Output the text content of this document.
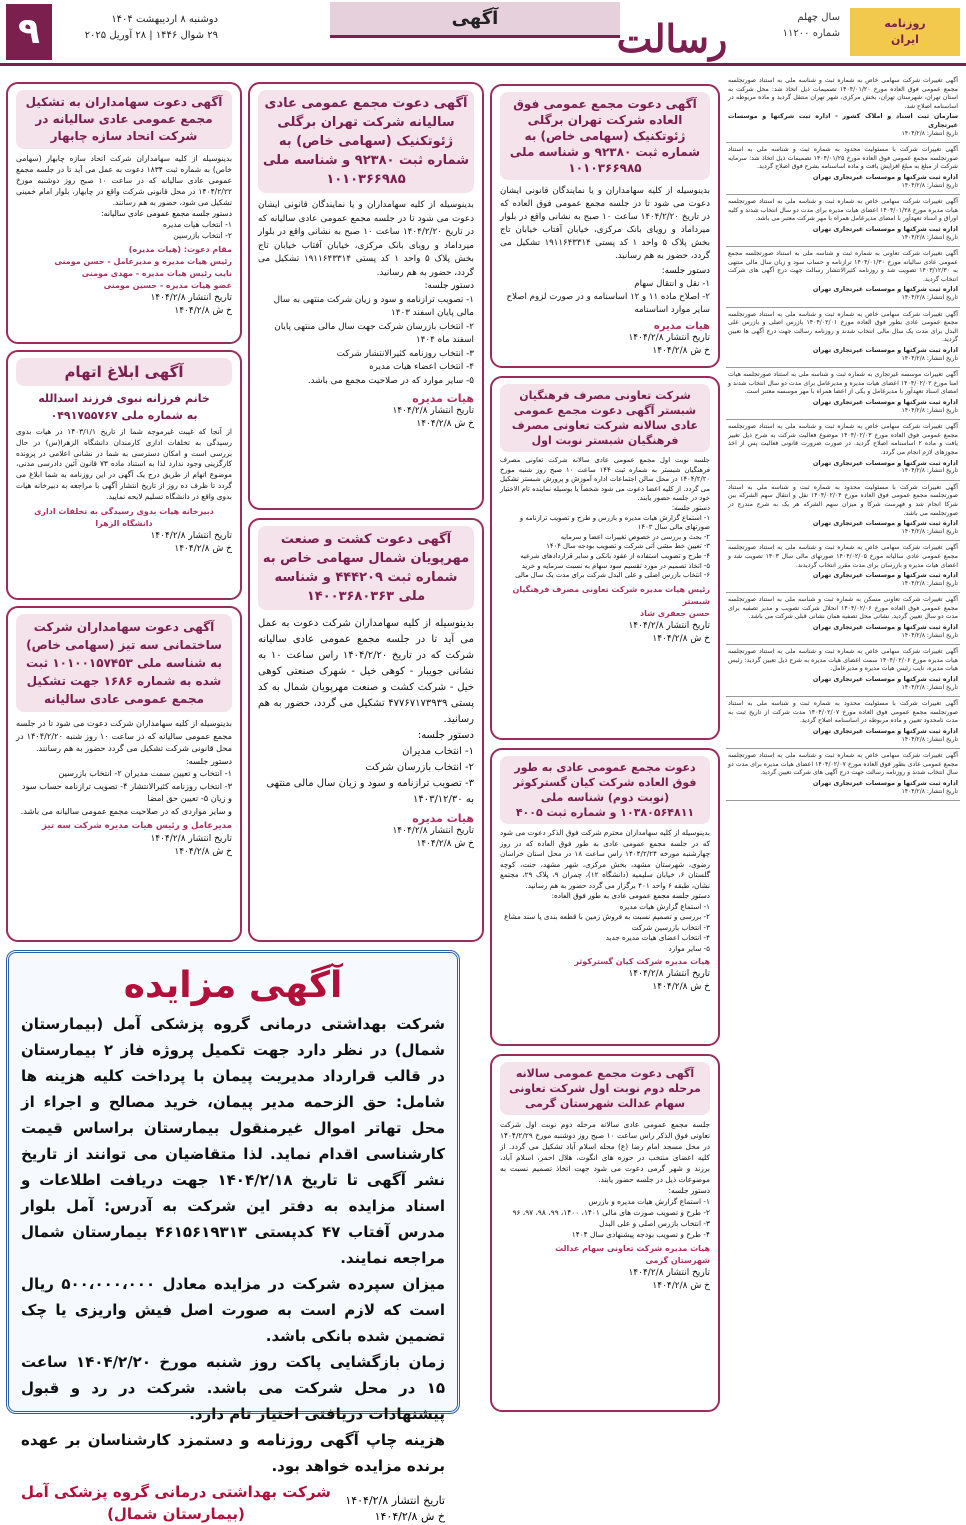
۹	دوشنبه ۸ اردیبهشت ۱۴۰۴
۲۹ شوال ۱۴۴۶ | ۲۸ آوریل ۲۰۲۵
آگهی	رسالت	سال چهلم
شماره ۱۱۲۰۰
روزنامه
ایران
آگهی تغییرات شرکت سهامی خاص به شماره ثبت و شناسه ملی به استناد صورتجلسه مجمع عمومی فوق العاده مورخ ۱۴۰۴/۰۱/۲۰ تصمیمات ذیل اتخاذ شد: محل شرکت به استان تهران، شهرستان تهران، بخش مرکزی، شهر تهران منتقل گردید و ماده مربوطه در اساسنامه اصلاح شد.
سازمان ثبت اسناد و املاک کشور - اداره ثبت شرکتها و موسسات غیرتجاری
تاریخ انتشار: ۱۴۰۴/۲/۸
آگهی تغییرات شرکت با مسئولیت محدود به شماره ثبت و شناسه ملی به استناد صورتجلسه مجمع عمومی فوق العاده مورخ ۱۴۰۴/۰۱/۲۵ تصمیمات ذیل اتخاذ شد: سرمایه شرکت از مبلغ به مبلغ افزایش یافت و ماده اساسنامه بشرح فوق اصلاح گردید.
اداره ثبت شرکتها و موسسات غیرتجاری تهران
تاریخ انتشار: ۱۴۰۴/۲/۸
آگهی تغییرات شرکت سهامی خاص به شماره ثبت و شناسه ملی به استناد صورتجلسه هیات مدیره مورخ ۱۴۰۴/۰۱/۲۸ اعضای هیات مدیره برای مدت دو سال انتخاب شدند و کلیه اوراق و اسناد تعهدآور با امضای مدیرعامل همراه با مهر شرکت معتبر می باشد.
اداره ثبت شرکتها و موسسات غیرتجاری تهران
تاریخ انتشار: ۱۴۰۴/۲/۸
آگهی تغییرات شرکت تعاونی به شماره ثبت و شناسه ملی به استناد صورتجلسه مجمع عمومی عادی سالیانه مورخ ۱۴۰۴/۰۱/۳۰ ترازنامه و حساب سود و زیان سال مالی منتهی به ۱۴۰۳/۱۲/۳۰ تصویب شد و روزنامه کثیرالانتشار رسالت جهت درج آگهی های شرکت انتخاب گردید.
اداره ثبت شرکتها و موسسات غیرتجاری تهران
تاریخ انتشار: ۱۴۰۴/۲/۸
آگهی تغییرات شرکت سهامی خاص به شماره ثبت و شناسه ملی به استناد صورتجلسه مجمع عمومی عادی بطور فوق العاده مورخ ۱۴۰۴/۰۲/۰۱ بازرس اصلی و بازرس علی البدل برای مدت یک سال مالی انتخاب شدند و روزنامه رسالت جهت درج آگهی ها تعیین گردید.
اداره ثبت شرکتها و موسسات غیرتجاری تهران
تاریخ انتشار: ۱۴۰۴/۲/۸
آگهی تغییرات موسسه غیرتجاری به شماره ثبت و شناسه ملی به استناد صورتجلسه هیات امنا مورخ ۱۴۰۴/۰۲/۰۲ اعضای هیات مدیره و مدیرعامل برای مدت دو سال انتخاب شدند و امضای اسناد تعهدآور با مدیرعامل و یکی از اعضا همراه با مهر موسسه معتبر است.
اداره ثبت شرکتها و موسسات غیرتجاری تهران
تاریخ انتشار: ۱۴۰۴/۲/۸
آگهی تغییرات شرکت سهامی خاص به شماره ثبت و شناسه ملی به استناد صورتجلسه مجمع عمومی فوق العاده مورخ ۱۴۰۴/۰۲/۰۳ موضوع فعالیت شرکت به شرح ذیل تغییر یافت و ماده ۲ اساسنامه اصلاح گردید. در صورت ضرورت قانونی فعالیت پس از اخذ مجوزهای لازم انجام می گردد.
اداره ثبت شرکتها و موسسات غیرتجاری تهران
تاریخ انتشار: ۱۴۰۴/۲/۸
آگهی تغییرات شرکت با مسئولیت محدود به شماره ثبت و شناسه ملی به استناد صورتجلسه مجمع عمومی فوق العاده مورخ ۱۴۰۴/۰۲/۰۴ نقل و انتقال سهم الشرکه بین شرکا انجام شد و فهرست شرکا و میزان سهم الشرکه هر یک به شرح مندرج در صورتجلسه می باشد.
اداره ثبت شرکتها و موسسات غیرتجاری تهران
تاریخ انتشار: ۱۴۰۴/۲/۸
آگهی تغییرات شرکت سهامی خاص به شماره ثبت و شناسه ملی به استناد صورتجلسه مجمع عمومی عادی سالیانه مورخ ۱۴۰۴/۰۲/۰۵ صورتهای مالی سال ۱۴۰۳ تصویب شد و اعضای هیات مدیره و بازرسان برای مدت مقرر انتخاب گردیدند.
اداره ثبت شرکتها و موسسات غیرتجاری تهران
تاریخ انتشار: ۱۴۰۴/۲/۸
آگهی تغییرات شرکت تعاونی مسکن به شماره ثبت و شناسه ملی به استناد صورتجلسه مجمع عمومی فوق العاده مورخ ۱۴۰۴/۰۲/۰۶ انحلال شرکت تصویب و مدیر تصفیه برای مدت دو سال تعیین گردید. نشانی محل تصفیه همان نشانی قبلی شرکت می باشد.
اداره ثبت شرکتها و موسسات غیرتجاری تهران
تاریخ انتشار: ۱۴۰۴/۲/۸
آگهی تغییرات شرکت سهامی خاص به شماره ثبت و شناسه ملی به استناد صورتجلسه هیات مدیره مورخ ۱۴۰۴/۰۲/۰۶ سمت اعضای هیات مدیره به شرح ذیل تعیین گردید: رئیس هیات مدیره، نایب رئیس هیات مدیره و مدیرعامل.
اداره ثبت شرکتها و موسسات غیرتجاری تهران
تاریخ انتشار: ۱۴۰۴/۲/۸
آگهی تغییرات شرکت با مسئولیت محدود به شماره ثبت و شناسه ملی به استناد صورتجلسه مجمع عمومی فوق العاده مورخ ۱۴۰۴/۰۲/۰۷ مدت شرکت از تاریخ ثبت به مدت نامحدود تعیین و ماده مربوطه در اساسنامه اصلاح گردید.
اداره ثبت شرکتها و موسسات غیرتجاری تهران
تاریخ انتشار: ۱۴۰۴/۲/۸
آگهی تغییرات شرکت سهامی خاص به شماره ثبت و شناسه ملی به استناد صورتجلسه مجمع عمومی عادی بطور فوق العاده مورخ ۱۴۰۴/۰۲/۰۷ اعضای هیات مدیره برای مدت دو سال انتخاب شدند و روزنامه رسالت جهت درج آگهی های شرکت تعیین گردید.
اداره ثبت شرکتها و موسسات غیرتجاری تهران
تاریخ انتشار: ۱۴۰۴/۲/۸
آگهی دعوت مجمع عمومی فوق العاده شرکت تهران برگلی ژئوتکنیک (سهامی خاص) به شماره ثبت ۹۲۳۸۰ و شناسه ملی ۱۰۱۰۳۶۶۹۸۵

بدینوسیله از کلیه سهامداران و یا نمایندگان قانونی ایشان دعوت می شود تا در جلسه مجمع عمومی فوق العاده که در تاریخ ۱۴۰۴/۲/۲۰ ساعت ۱۰ صبح به نشانی واقع در بلوار میرداماد و رویای بانک مرکزی، خیابان آفتاب خیابان تاج بخش پلاک ۵ واحد ۱ کد پستی ۱۹۱۱۶۴۳۳۱۴ تشکیل می گردد، حضور به هم رسانید.

دستور جلسه:
۱- نقل و انتقال سهام
۲- اصلاح ماده ۱۱ و ۱۲ اساسنامه و در صورت لزوم اصلاح سایر موارد اساسنامه
هیات مدیره
تاریخ انتشار ۱۴۰۴/۲/۸
خ ش ۱۴۰۴/۲/۸
شرکت تعاونی مصرف فرهنگیان شبستر آگهی دعوت مجمع عمومی عادی سالانه شرکت تعاونی مصرف فرهنگیان شبستر نوبت اول

جلسه نوبت اول مجمع عمومی عادی سالانه شرکت تعاونی مصرف فرهنگیان شبستر به شماره ثبت ۱۴۴ ساعت ۱۰ صبح روز شنبه مورخ ۱۴۰۴/۲/۲۰ در محل سالن اجتماعات اداره آموزش و پرورش شبستر تشکیل می گردد. از کلیه اعضا دعوت می شود شخصاً یا بوسیله نماینده تام الاختیار خود در جلسه حضور یابند.

دستور جلسه:
۱- استماع گزارش هیات مدیره و بازرس و طرح و تصویب ترازنامه و صورتهای مالی سال ۱۴۰۳
۲- بحث و بررسی در خصوص تغییرات اعضا و سرمایه
۳- تعیین خط مشی آتی شرکت و تصویب بودجه سال ۱۴۰۴
۴- طرح و تصویب استفاده از عقود بانکی و سایر قراردادهای شرعیه
۵- اتخاذ تصمیم در مورد تقسیم سود سهام به نسبت سرمایه و خرید
۶- انتخاب بازرس اصلی و علی البدل شرکت برای مدت یک سال مالی
رئیس هیات مدیره شرکت تعاونی مصرف فرهنگیان شبستر
حسن جعفری شاد
تاریخ انتشار ۱۴۰۴/۲/۸
خ ش ۱۴۰۴/۲/۸
دعوت مجمع عمومی عادی به طور فوق العاده شرکت کیان گسترکوثر (نوبت دوم) شناسه ملی ۱۰۳۸۰۵۶۴۸۱۱ و شماره ثبت ۴۰۰۵

بدینوسیله از کلیه سهامداران محترم شرکت فوق الذکر دعوت می شود که در جلسه مجمع عمومی عادی به طور فوق العاده که در روز چهارشنبه مورخه ۱۴۰۴/۲/۲۴ راس ساعت ۱۸ در محل استان خراسان رضوی، شهرستان مشهد، بخش مرکزی، شهر مشهد، جنت، کوچه گلستان ۶، خیابان سلیمیه (دانشگاه ۱۲)، چمران ۹، پلاک ۲۹، مجتمع نشان، طبقه ۶ واحد ۴۰۱ برگزار می گردد حضور به هم رسانید.

دستور جلسه مجمع عمومی عادی به طور فوق العاده:
۱- استماع گزارش هیات مدیره
۲- بررسی و تصمیم نسبت به فروش زمین با قطعه بندی یا سند مشاع
۳- انتخاب بازرسین شرکت
۴- انتخاب اعضای هیات مدیره جدید
۵- سایر موارد
هیات مدیره شرکت کیان گسترکوثر
تاریخ انتشار ۱۴۰۴/۲/۸
خ ش ۱۴۰۴/۲/۸
آگهی دعوت مجمع عمومی سالانه مرحله دوم نوبت اول شرکت تعاونی سهام عدالت شهرستان گرمی

جلسه مجمع عمومی عادی سالانه مرحله دوم نوبت اول شرکت تعاونی فوق الذکر راس ساعت ۱۰ صبح روز دوشنبه مورخ ۱۴۰۴/۲/۲۹ در محل مسجد امام رضا (ع) محله اسلام آباد تشکیل می گردد. از کلیه اعضای منتخب در حوزه های انگوت، هلال احمر، اسلام آباد، برزند و شهر گرمی دعوت می شود جهت اتخاذ تصمیم نسبت به موضوعات ذیل در جلسه حضور یابند.

دستور جلسه:
۱- استماع گزارش هیات مدیره و بازرس
۲- طرح و تصویب صورت های مالی ۱۴۰۱، ۱۴۰۰، ۹۹، ۹۸، ۹۷، ۹۶
۳- انتخاب بازرس اصلی و علی البدل
۴- طرح و تصویب بودجه پیشنهادی سال ۱۴۰۴
هیات مدیره شرکت تعاونی سهام عدالت
شهرستان گرمی
تاریخ انتشار ۱۴۰۴/۲/۸
خ ش ۱۴۰۴/۲/۸
آگهی دعوت مجمع عمومی عادی سالیانه شرکت تهران برگلی ژئوتکنیک (سهامی خاص) به شماره ثبت ۹۲۳۸۰ و شناسه ملی ۱۰۱۰۳۶۶۹۸۵

بدینوسیله از کلیه سهامداران و یا نمایندگان قانونی ایشان دعوت می شود تا در جلسه مجمع عمومی عادی سالیانه که در تاریخ ۱۴۰۴/۲/۲۰ ساعت ۱۰ صبح به نشانی واقع در بلوار میرداماد و رویای بانک مرکزی، خیابان آفتاب خیابان تاج بخش پلاک ۵ واحد ۱ کد پستی ۱۹۱۱۶۴۳۳۱۴ تشکیل می گردد، حضور به هم رسانید.

دستور جلسه:
۱- تصویب ترازنامه و سود و زیان شرکت منتهی به سال مالی پایان اسفند ۱۴۰۳
۲- انتخاب بازرسان شرکت جهت سال مالی منتهی پایان اسفند ماه ۱۴۰۴
۳- انتخاب روزنامه کثیرالانتشار شرکت
۴- انتخاب اعضاء هیات مدیره
۵- سایر موارد که در صلاحیت مجمع می باشد.
هیات مدیره
تاریخ انتشار ۱۴۰۴/۲/۸
خ ش ۱۴۰۴/۲/۸
آگهی دعوت کشت و صنعت مهرپویان شمال سهامی خاص به شماره ثبت ۴۴۴۲۰۹ و شناسه ملی ۱۴۰۰۳۶۸۰۳۶۳

بدینوسیله از کلیه سهامداران شرکت دعوت به عمل می آید تا در جلسه مجمع عمومی عادی سالیانه شرکت که در تاریخ ۱۴۰۴/۲/۲۰ راس ساعت ۱۰ به نشانی جویبار - کوهی خیل - شهرک صنعتی کوهی خیل - شرکت کشت و صنعت مهرپویان شمال به کد پستی ۴۷۷۶۷۱۷۳۹۳۹ تشکیل می گردد، حضور به هم رسانید.

دستور جلسه:
۱- انتخاب مدیران
۲- انتخاب بازرسان شرکت
۳- تصویب ترازنامه و سود و زیان سال مالی منتهی به ۱۴۰۳/۱۲/۳۰
هیات مدیره
تاریخ انتشار ۱۴۰۴/۲/۸
خ ش ۱۴۰۴/۲/۸
آگهی دعوت سهامداران به تشکیل مجمع عمومی عادی سالیانه در شرکت اتحاد سازه چابهار

بدینوسیله از کلیه سهامداران شرکت اتحاد سازه چابهار (سهامی خاص) به شماره ثبت ۱۸۳۴ دعوت به عمل می آید تا در جلسه مجمع عمومی عادی سالیانه که در ساعت ۱۰ صبح روز دوشنبه مورخ ۱۴۰۴/۲/۲۲ در محل قانونی شرکت واقع در چابهار، بلوار امام خمینی تشکیل می شود، حضور به هم رسانند.

دستور جلسه مجمع عمومی عادی سالیانه:
۱- انتخاب هیات مدیره
۲- انتخاب بازرسین
مقام دعوت: (هیات مدیره)
رئیس هیات مدیره و مدیرعامل - حسن مومنی
نایب رئیس هیات مدیره - مهدی مومنی
عضو هیات مدیره - حسین مومنی
تاریخ انتشار ۱۴۰۴/۲/۸
خ ش ۱۴۰۴/۲/۸
آگهی ابلاغ اتهام
خانم فرزانه نبوی فرزند اسدالله
به شماره ملی ۰۴۹۱۷۵۵۷۶۷

از آنجا که غیبت غیرموجه شما از تاریخ ۱۴۰۳/۱/۱ در هیات بدوی رسیدگی به تخلفات اداری کارمندان دانشگاه الزهرا(س) در حال بررسی است و امکان دسترسی به شما در نشانی اعلامی در پرونده کارگزینی وجود ندارد لذا به استناد ماده ۷۳ قانون آئین دادرسی مدنی، موضوع اتهام از طریق درج یک آگهی در این روزنامه به شما ابلاغ می گردد تا ظرف ده روز از تاریخ انتشار آگهی با مراجعه به دبیرخانه هیات بدوی واقع در دانشگاه تسلیم لایحه نمایید.

دبیرخانه هیات بدوی رسیدگی به تخلفات اداری
دانشگاه الزهرا
تاریخ انتشار ۱۴۰۴/۲/۸
خ ش ۱۴۰۴/۲/۸
آگهی دعوت سهامداران شرکت ساختمانی سه تیز (سهامی خاص) به شناسه ملی ۱۰۱۰۰۱۵۷۴۵۳ ثبت شده به شماره ۱۶۸۶ جهت تشکیل مجمع عمومی عادی سالیانه

بدینوسیله از کلیه سهامداران شرکت دعوت می شود تا در جلسه مجمع عمومی سالیانه که در ساعت ۱۰ روز شنبه ۱۴۰۴/۲/۲۰ در محل قانونی شرکت تشکیل می گردد حضور به هم رسانند.

دستور جلسه:
۱- انتخاب و تعیین سمت مدیران ۲- انتخاب بازرسین
۳- انتخاب روزنامه کثیرالانتشار ۴- تصویب ترازنامه حساب سود و زیان ۵- تعیین حق امضا
و سایر مواردی که در صلاحیت مجمع عمومی سالیانه می باشد.
مدیرعامل و رئیس هیات مدیره شرکت سه تیز
تاریخ انتشار ۱۴۰۴/۲/۸
خ ش ۱۴۰۴/۲/۸
آگهی مزایده

شرکت بهداشتی درمانی گروه پزشکی آمل (بیمارستان شمال) در نظر دارد جهت تکمیل پروژه فاز ۲ بیمارستان در قالب قرارداد مدیریت پیمان با پرداخت کلیه هزینه ها شامل: حق الزحمه مدیر پیمان، خرید مصالح و اجراء از محل تهاتر اموال غیرمنقول بیمارستان براساس قیمت کارشناسی اقدام نماید. لذا متقاضیان می توانند از تاریخ نشر آگهی تا تاریخ ۱۴۰۴/۲/۱۸ جهت دریافت اطلاعات و اسناد مزایده به دفتر این شرکت به آدرس: آمل بلوار مدرس آفتاب ۴۷ کدپستی ۴۶۱۵۶۱۹۳۱۳ بیمارستان شمال مراجعه نمایند.

میزان سپرده شرکت در مزایده معادل ۵۰۰،۰۰۰،۰۰۰ ریال است که لازم است به صورت اصل فیش واریزی یا چک تضمین شده بانکی باشد.

زمان بازگشایی پاکت روز شنبه مورخ ۱۴۰۴/۲/۲۰ ساعت ۱۵ در محل شرکت می باشد. شرکت در رد و قبول پیشنهادات دریافتی اختیار تام دارد.

هزینه چاپ آگهی روزنامه و دستمزد کارشناسان بر عهده برنده مزایده خواهد بود.

تاریخ انتشار ۱۴۰۴/۲/۸
خ ش ۱۴۰۴/۲/۸
شرکت بهداشتی درمانی گروه پزشکی آمل
(بیمارستان شمال)
